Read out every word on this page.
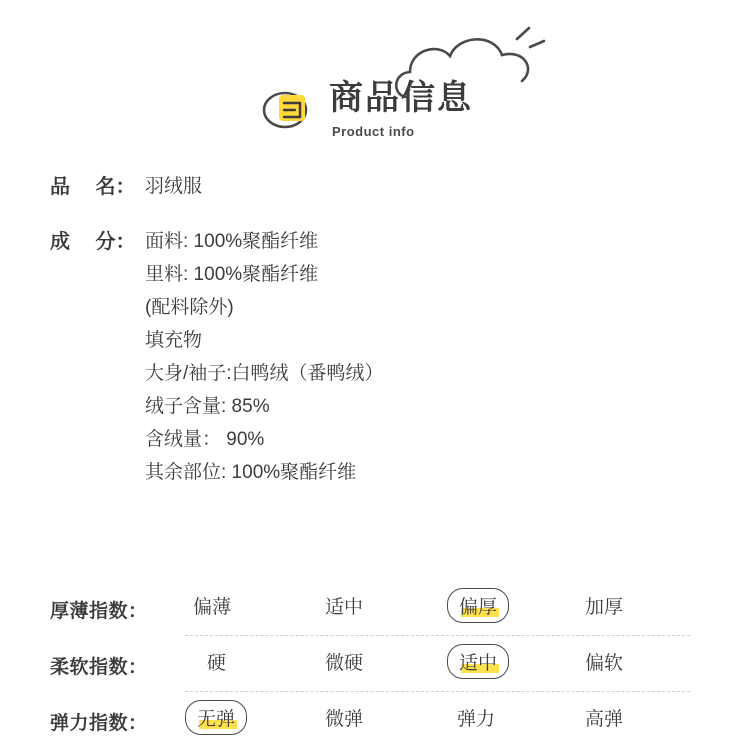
商品信息
Product info
品　 名： 羽绒服
成　 分： 面料: 100%聚酯纤维
里料: 100%聚酯纤维
(配料除外)
填充物
大身/袖子:白鸭绒（番鸭绒）
绒子含量: 85%
含绒量： 90%
其余部位: 100%聚酯纤维
厚薄指数： 偏薄	适中	偏厚	加厚
柔软指数：	硬	微硬	适中	偏软
弹力指数：	无弹	微弹	弹力	高弹
